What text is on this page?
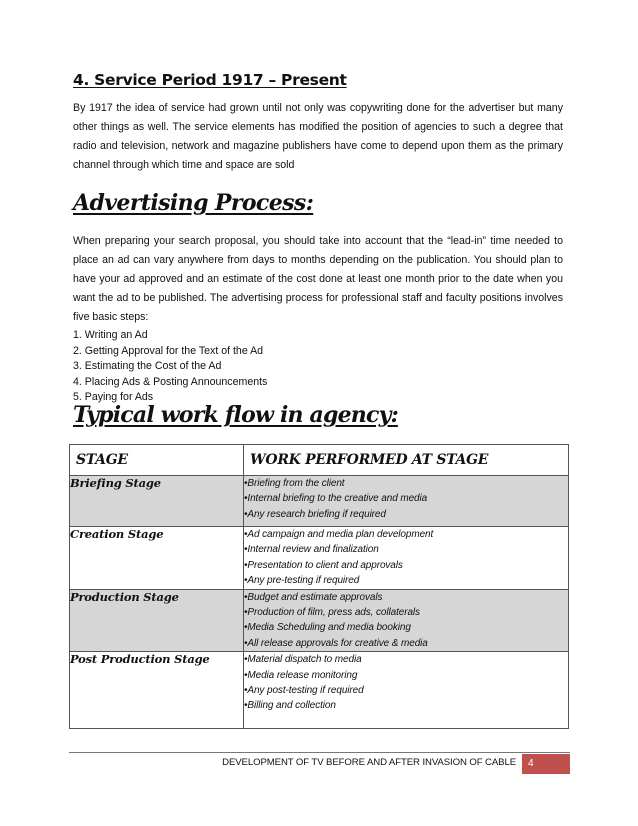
4. Service Period 1917 – Present

By 1917 the idea of service had grown until not only was copywriting done for the advertiser but many other things as well. The service elements has modified the position of agencies to such a degree that radio and television, network and magazine publishers have come to depend upon them as the primary channel through which time and space are sold

Advertising Process:

When preparing your search proposal, you should take into account that the “lead-in” time needed to place an ad can vary anywhere from days to months depending on the publication. You should plan to have your ad approved and an estimate of the cost done at least one month prior to the date when you want the ad to be published. The advertising process for professional staff and faculty positions involves five basic steps:

1. Writing an Ad
2. Getting Approval for the Text of the Ad
3. Estimating the Cost of the Ad
4. Placing Ads & Posting Announcements
5. Paying for Ads
Typical work flow in agency:
STAGE	WORK PERFORMED AT STAGE
Briefing Stage	•Briefing from the client
•Internal briefing to the creative and media
•Any research briefing if required

Creation Stage	•Ad campaign and media plan development
•Internal review and finalization
•Presentation to client and approvals
•Any pre-testing if required

Production Stage	•Budget and estimate approvals
•Production of film, press ads, collaterals
•Media Scheduling and media booking
•All release approvals for creative & media

Post Production Stage	•Material dispatch to media
•Media release monitoring
•Any post-testing if required
•Billing and collection
DEVELOPMENT OF TV BEFORE AND AFTER INVASION OF CABLE	4
